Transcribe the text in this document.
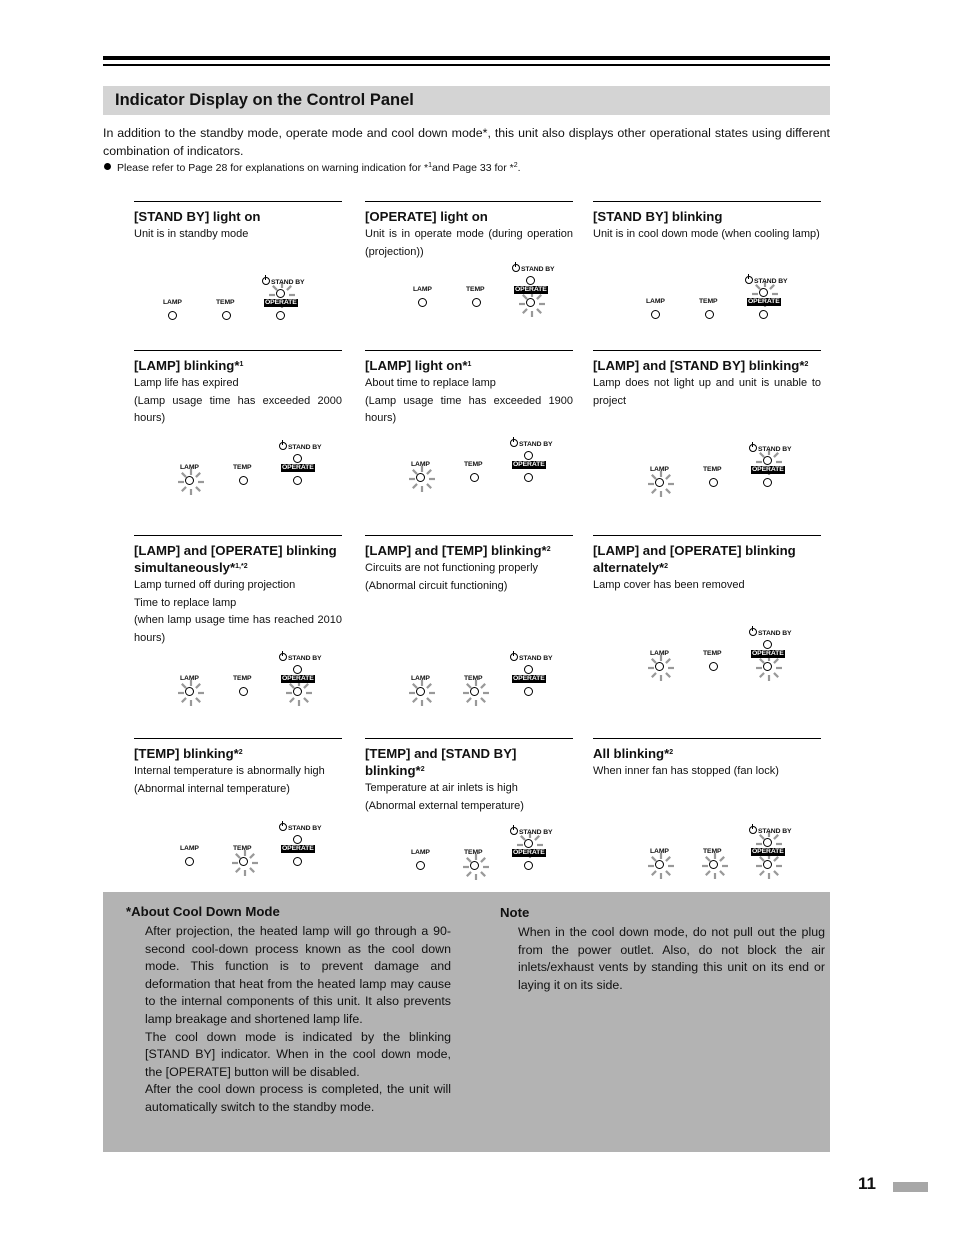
Indicator Display on the Control Panel
In addition to the standby mode, operate mode and cool down mode*, this unit also displays other operational states using different combination of indicators.
Please refer to Page 28 for explanations on warning indication for *$^1$and Page 33 for *$^2$.
[STAND BY] light on

Unit is in standby mode

LAMP	TEMP
STAND BY
OPERATE
[OPERATE] light on

Unit is in operate mode (during operation (projection))

LAMP	TEMP
STAND BY
OPERATE
[STAND BY] blinking

Unit is in cool down mode (when cooling lamp)

LAMP	TEMP
STAND BY
OPERATE
[LAMP] blinking*$^1$

Lamp life has expired

(Lamp usage time has exceeded 2000 hours)

LAMP	TEMP
STAND BY
OPERATE
[LAMP] light on*$^1$

About time to replace lamp

(Lamp usage time has exceeded 1900 hours)

LAMP	TEMP
STAND BY
OPERATE
[LAMP] and [STAND BY] blinking*$^2$

Lamp does not light up and unit is unable to project

LAMP	TEMP
STAND BY
OPERATE
[LAMP] and [OPERATE] blinking simultaneously*$^{1,*2}$

Lamp turned off during projection

Time to replace lamp

(when lamp usage time has reached 2010 hours)

LAMP	TEMP
STAND BY
OPERATE
[LAMP] and [TEMP] blinking*$^2$

Circuits are not functioning properly

(Abnormal circuit functioning)

LAMP	TEMP
STAND BY
OPERATE
[LAMP] and [OPERATE] blinking alternately*$^2$

Lamp cover has been removed

LAMP	TEMP
STAND BY
OPERATE
[TEMP] blinking*$^2$

Internal temperature is abnormally high

(Abnormal internal temperature)

LAMP	TEMP
STAND BY
OPERATE
[TEMP] and [STAND BY] blinking*$^2$

Temperature at air inlets is high

(Abnormal external temperature)

LAMP	TEMP
STAND BY
OPERATE
All blinking*$^2$

When inner fan has stopped (fan lock)

LAMP	TEMP
STAND BY
OPERATE
*About Cool Down Mode

After projection, the heated lamp will go through a 90-second cool-down process known as the cool down mode. This function is to prevent damage and deformation that heat from the heated lamp may cause to the internal components of this unit. It also prevents lamp breakage and shortened lamp life.

The cool down mode is indicated by the blinking [STAND BY] indicator. When in the cool down mode, the [OPERATE] button will be disabled.

After the cool down process is completed, the unit will automatically switch to the standby mode.

Note

When in the cool down mode, do not pull out the plug from the power outlet. Also, do not block the air inlets/exhaust vents by standing this unit on its end or laying it on its side.

11
